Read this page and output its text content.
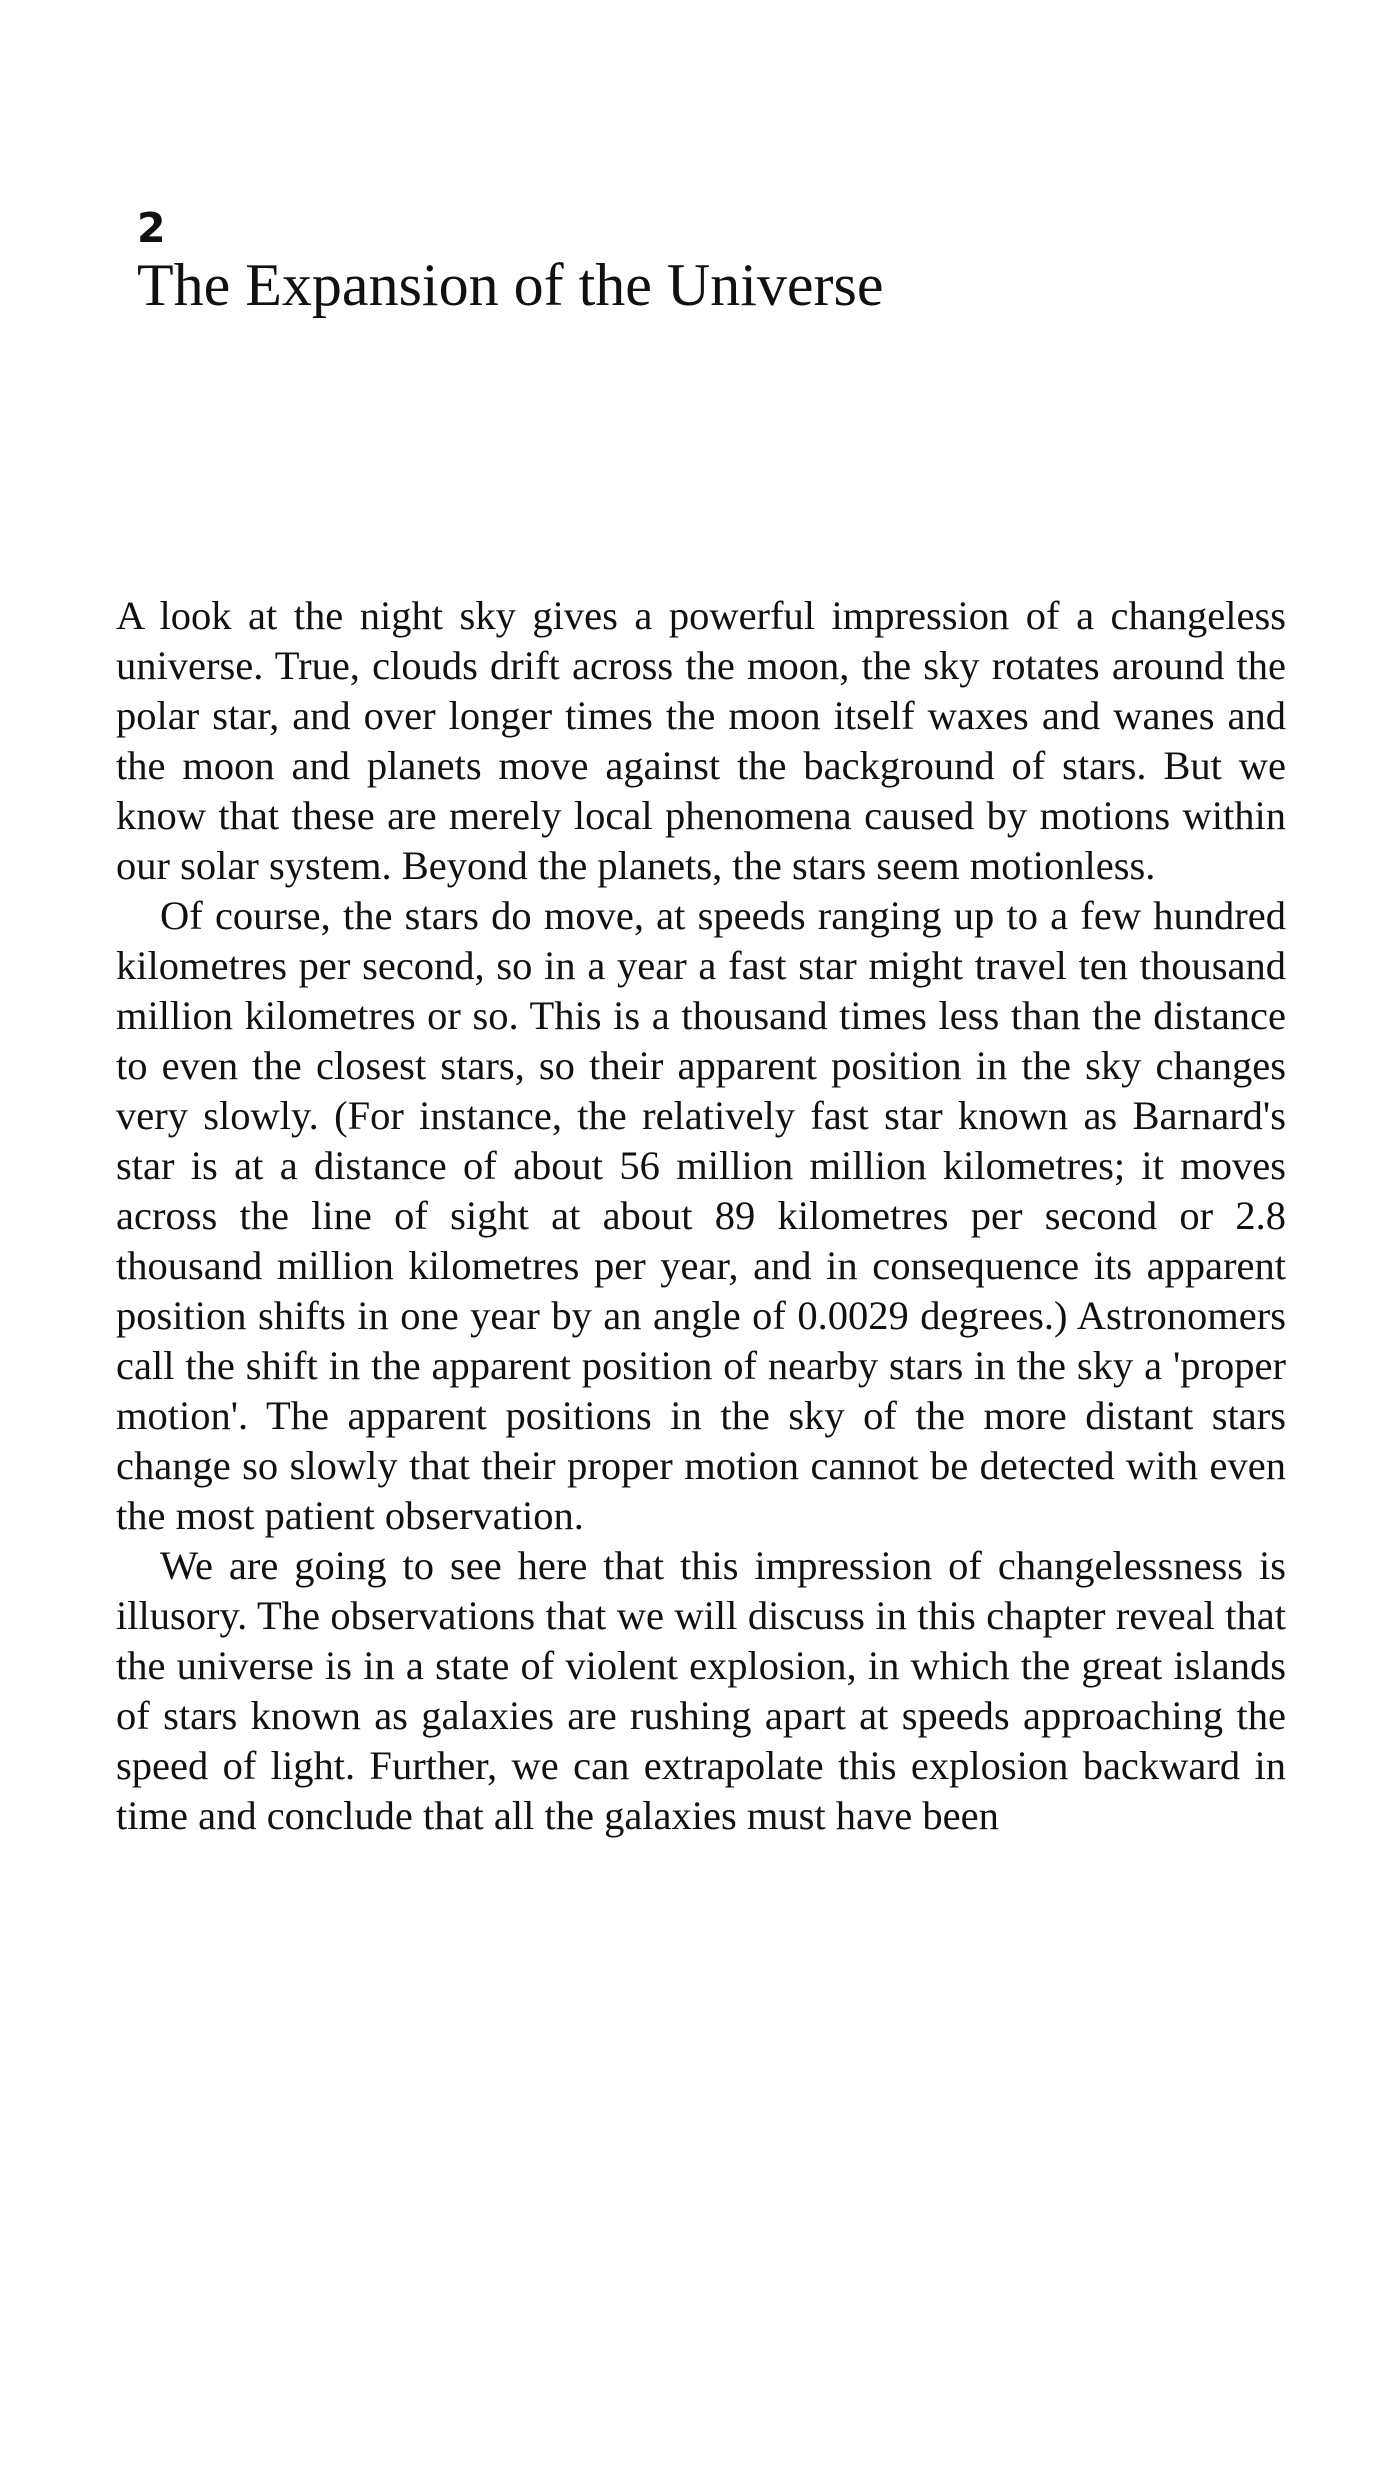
2
The Expansion of the Universe

A look at the night sky gives a powerful impression of a changeless universe. True, clouds drift across the moon, the sky rotates around the polar star, and over longer times the moon itself waxes and wanes and the moon and planets move against the background of stars. But we know that these are merely local phenomena caused by motions within our solar system. Beyond the planets, the stars seem motionless.

Of course, the stars do move, at speeds ranging up to a few hundred kilometres per second, so in a year a fast star might travel ten thousand million kilometres or so. This is a thousand times less than the distance to even the closest stars, so their apparent position in the sky changes very slowly. (For instance, the relatively fast star known as Barnard's star is at a distance of about 56 million million kilometres; it moves across the line of sight at about 89 kilometres per second or 2.8 thousand million kilometres per year, and in consequence its apparent position shifts in one year by an angle of 0.0029 degrees.) Astronomers call the shift in the apparent position of nearby stars in the sky a 'proper motion'. The apparent positions in the sky of the more distant stars change so slowly that their proper motion cannot be detected with even the most patient observation.

We are going to see here that this impression of changelessness is illusory. The observations that we will discuss in this chapter reveal that the universe is in a state of violent explosion, in which the great islands of stars known as galaxies are rushing apart at speeds approaching the speed of light. Further, we can extrapolate this explosion backward in time and conclude that all the galaxies must have been
